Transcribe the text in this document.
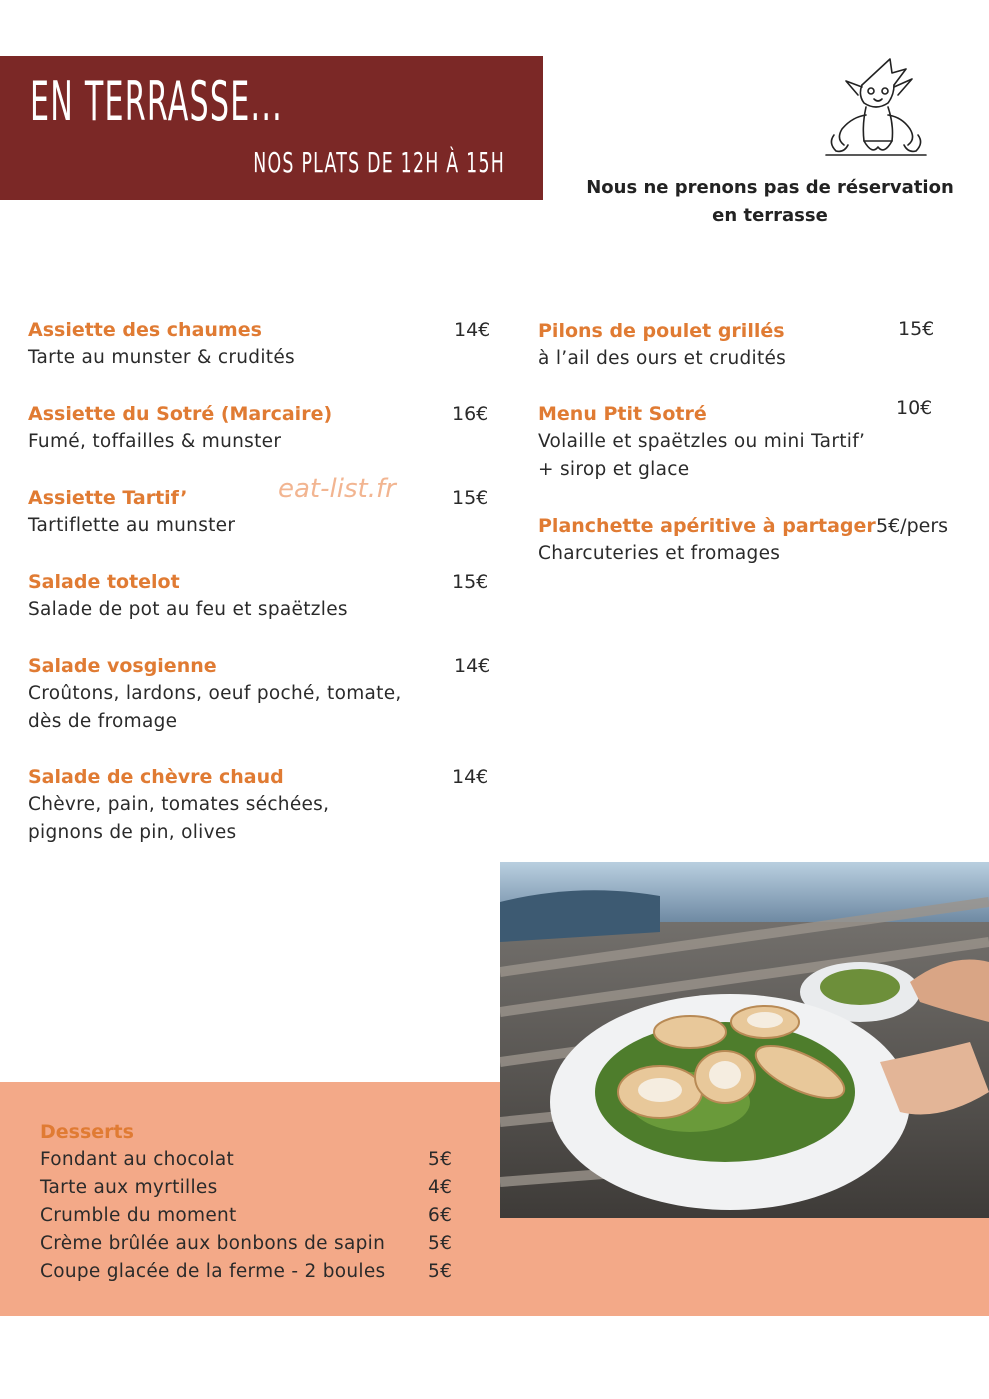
EN TERRASSE...
NOS PLATS DE 12H À 15H
Nous ne prenons pas de réservation
en terrasse
Assiette des chaumes
Tarte au munster & crudités
14€
Assiette du Sotré (Marcaire)
Fumé, toffailles & munster
16€
Assiette Tartif’
Tartiflette au munster
15€
eat-list.fr
Salade totelot
Salade de pot au feu et spaëtzles
15€
Salade vosgienne
Croûtons, lardons, oeuf poché, tomate,
dès de fromage
14€
Salade de chèvre chaud
Chèvre, pain, tomates séchées,
pignons de pin, olives
14€
Pilons de poulet grillés
à l’ail des ours et crudités
15€
Menu Ptit Sotré
Volaille et spaëtzles ou mini Tartif’
+ sirop et glace
10€
Planchette apéritive à partager
Charcuteries et fromages
5€/pers
Desserts
Fondant au chocolat	5€
Tarte aux myrtilles	4€
Crumble du moment	6€
Crème brûlée aux bonbons de sapin 5€
Coupe glacée de la ferme - 2 boules 5€
